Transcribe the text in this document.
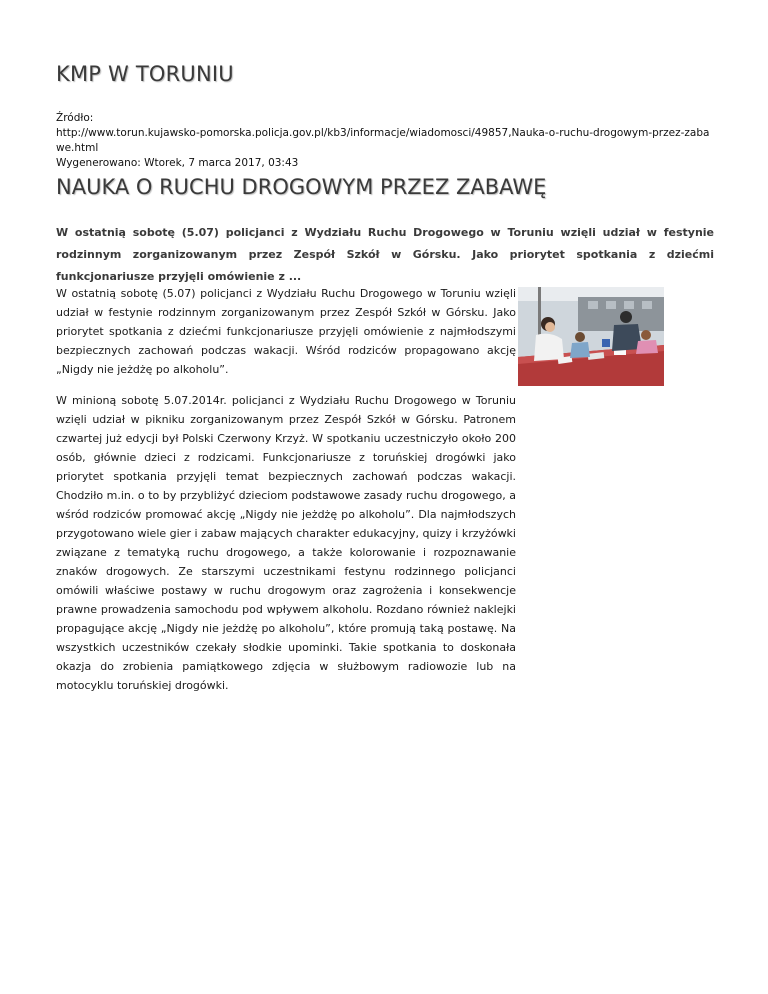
KMP W TORUNIU
Źródło:
http://www.torun.kujawsko-pomorska.policja.gov.pl/kb3/informacje/wiadomosci/49857,Nauka-o-ruchu-drogowym-przez-zabawe.html
Wygenerowano: Wtorek, 7 marca 2017, 03:43
NAUKA O RUCHU DROGOWYM PRZEZ ZABAWĘ
W ostatnią sobotę (5.07) policjanci z Wydziału Ruchu Drogowego w Toruniu wzięli udział w festynie rodzinnym zorganizowanym przez Zespół Szkół w Górsku. Jako priorytet spotkania z dziećmi funkcjonariusze przyjęli omówienie z ...

W ostatnią sobotę (5.07) policjanci z Wydziału Ruchu Drogowego w Toruniu wzięli udział w festynie rodzinnym zorganizowanym przez Zespół Szkół w Górsku. Jako priorytet spotkania z dziećmi funkcjonariusze przyjęli omówienie z najmłodszymi bezpiecznych zachowań podczas wakacji. Wśród rodziców propagowano akcję „Nigdy nie jeżdżę po alkoholu”.

W minioną sobotę 5.07.2014r. policjanci z Wydziału Ruchu Drogowego w Toruniu wzięli udział w pikniku zorganizowanym przez Zespół Szkół w Górsku. Patronem czwartej już edycji był Polski Czerwony Krzyż. W spotkaniu uczestniczyło około 200 osób, głównie dzieci z rodzicami. Funkcjonariusze z toruńskiej drogówki jako priorytet spotkania przyjęli temat bezpiecznych zachowań podczas wakacji. Chodziło m.in. o to by przybliżyć dzieciom podstawowe zasady ruchu drogowego, a wśród rodziców promować akcję „Nigdy nie jeżdżę po alkoholu”. Dla najmłodszych przygotowano wiele gier i zabaw mających charakter edukacyjny, quizy i krzyżówki związane z tematyką ruchu drogowego, a także kolorowanie i rozpoznawanie znaków drogowych. Ze starszymi uczestnikami festynu rodzinnego policjanci omówili właściwe postawy w ruchu drogowym oraz zagrożenia i konsekwencje prawne prowadzenia samochodu pod wpływem alkoholu. Rozdano również naklejki propagujące akcję „Nigdy nie jeżdżę po alkoholu”, które promują taką postawę. Na wszystkich uczestników czekały słodkie upominki. Takie spotkania to doskonała okazja do zrobienia pamiątkowego zdjęcia w służbowym radiowozie lub na motocyklu toruńskiej drogówki.
